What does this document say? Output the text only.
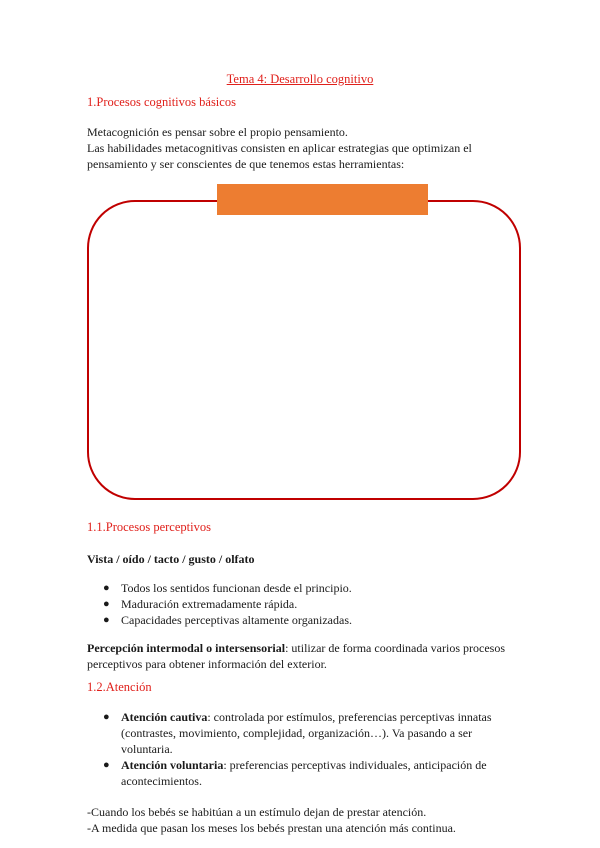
Tema 4: Desarrollo cognitivo
1.Procesos cognitivos básicos
Metacognición es pensar sobre el propio pensamiento.
Las habilidades metacognitivas consisten en aplicar estrategias que optimizan el
pensamiento y ser conscientes de que tenemos estas herramientas:
1.1.Procesos perceptivos
Vista / oído / tacto / gusto / olfato
● Todos los sentidos funcionan desde el principio.
● Maduración extremadamente rápida.
● Capacidades perceptivas altamente organizadas.
Percepción intermodal o intersensorial: utilizar de forma coordinada varios procesos
perceptivos para obtener información del exterior.
1.2.Atención
● Atención cautiva: controlada por estímulos, preferencias perceptivas innatas
(contrastes, movimiento, complejidad, organización…). Va pasando a ser
voluntaria.
● Atención voluntaria: preferencias perceptivas individuales, anticipación de
acontecimientos.
-Cuando los bebés se habitúan a un estímulo dejan de prestar atención.
-A medida que pasan los meses los bebés prestan una atención más continua.
